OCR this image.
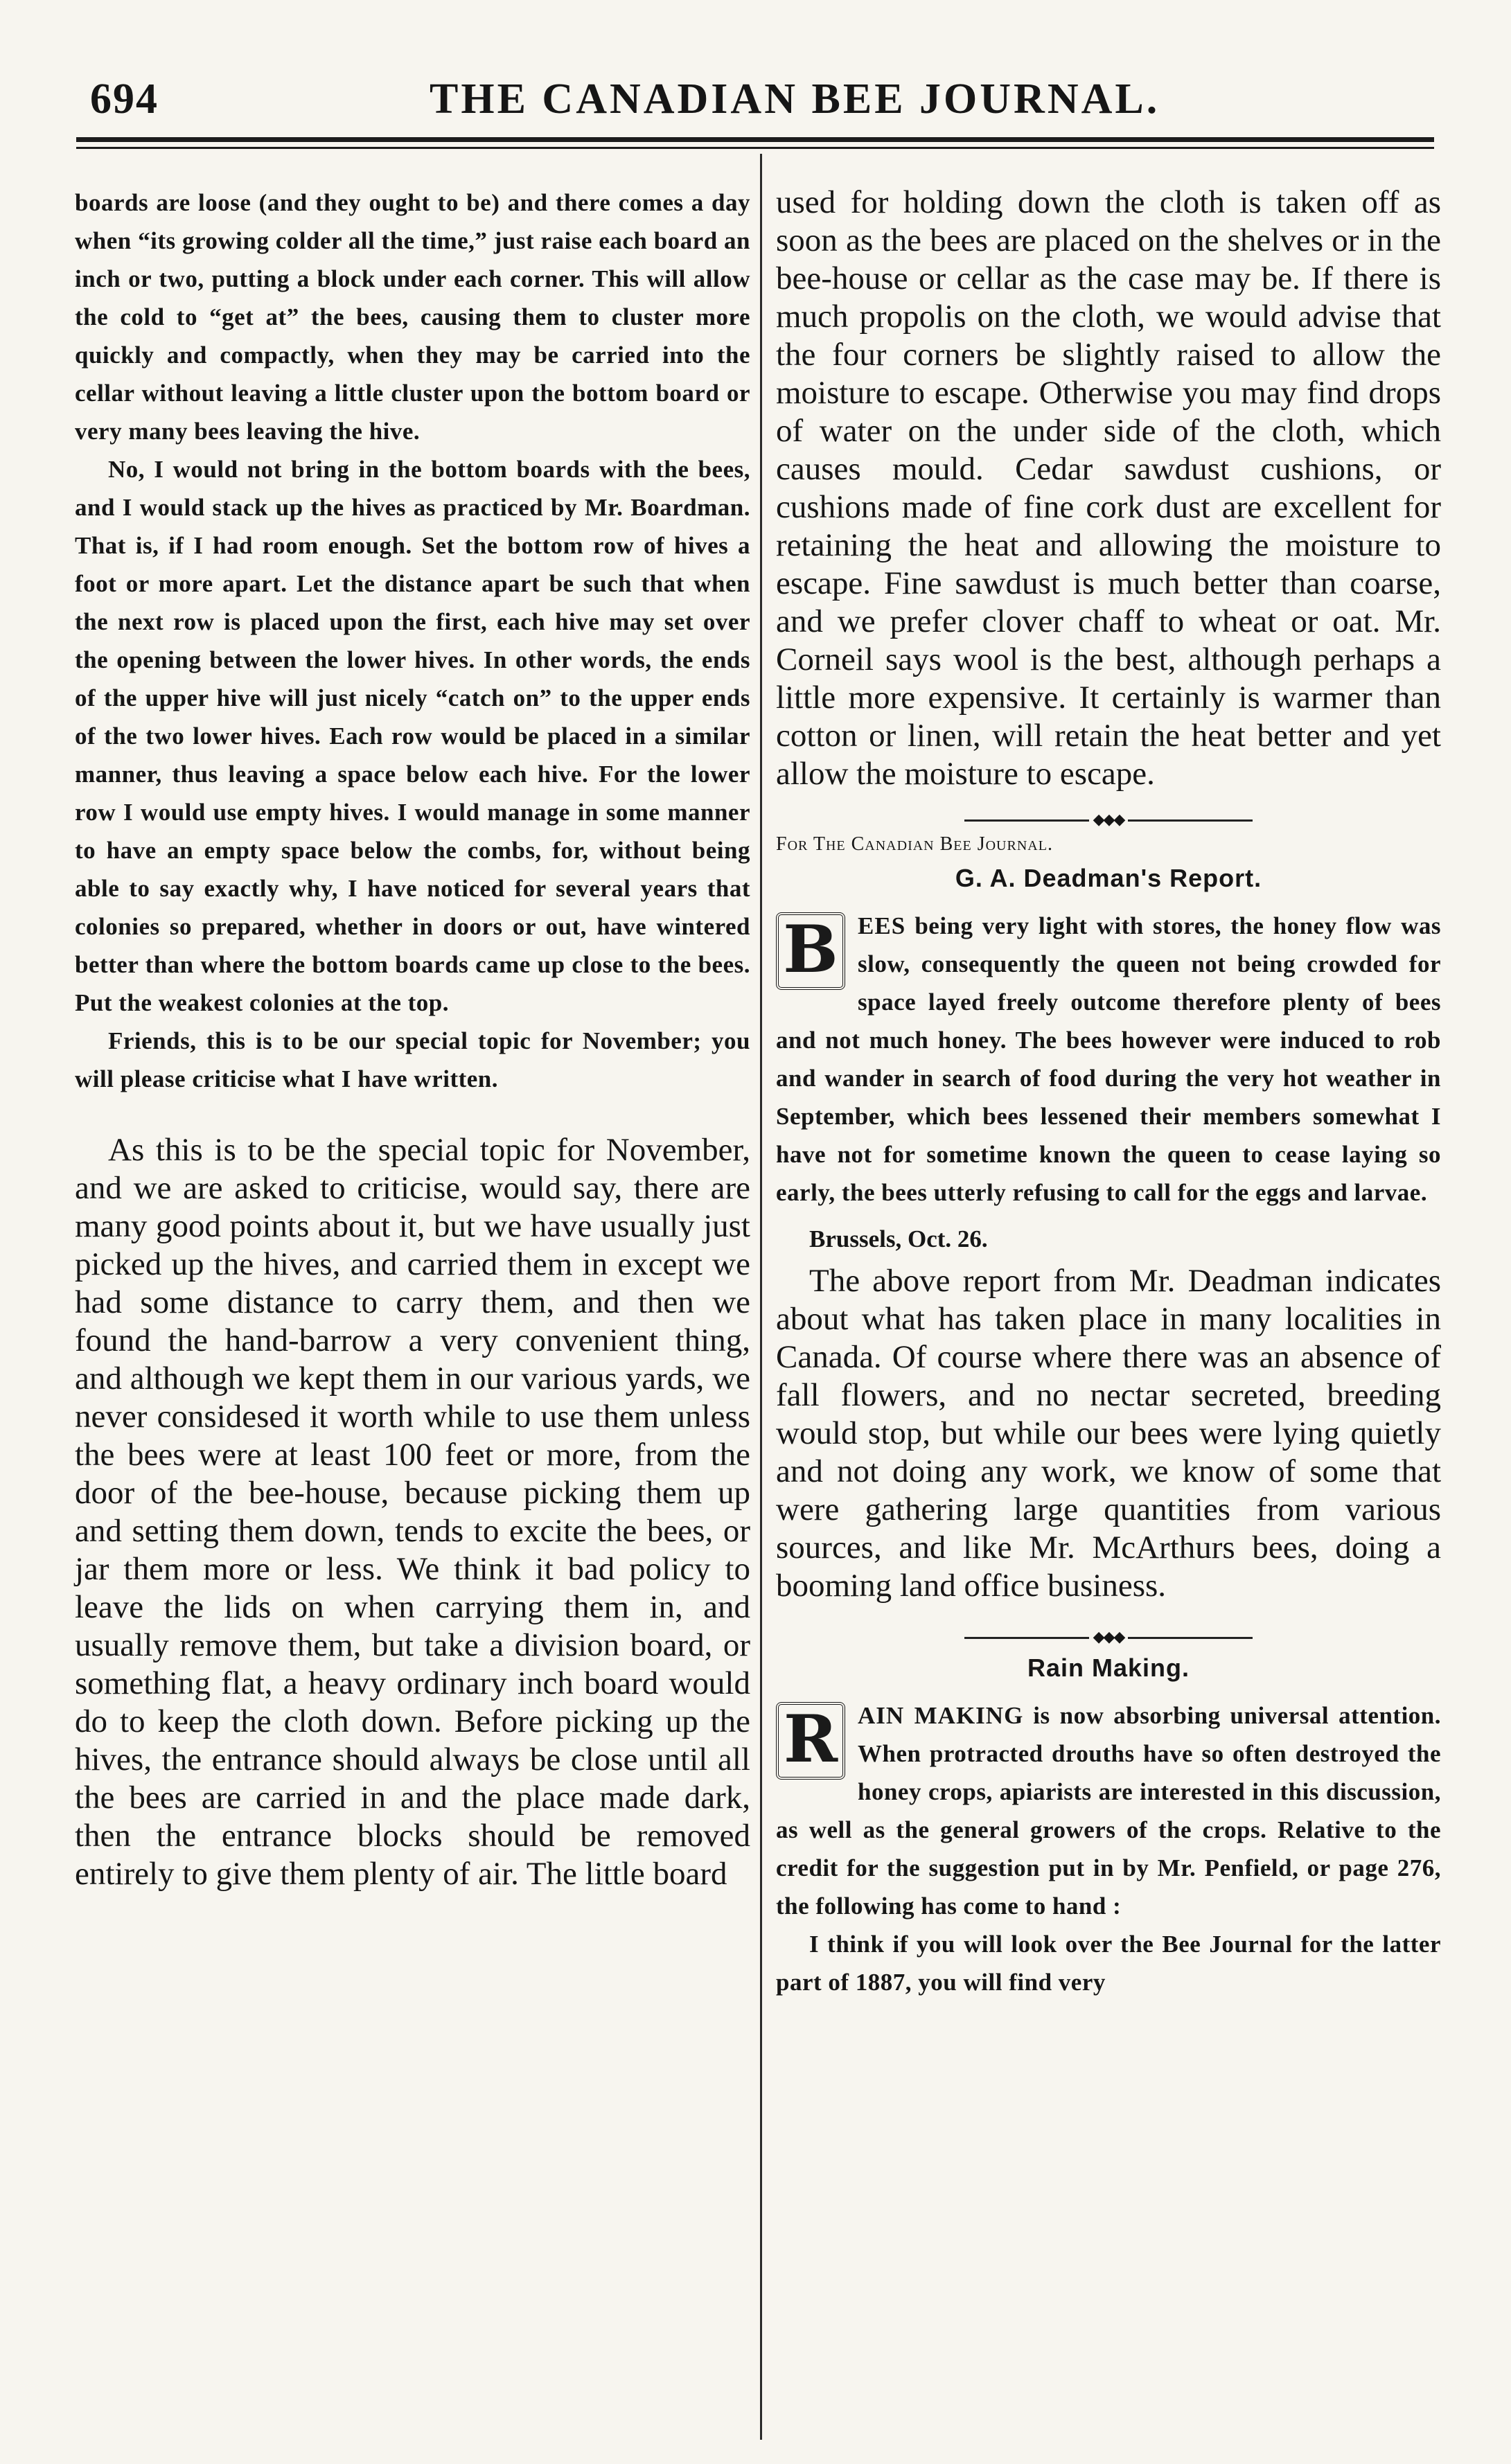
694	THE CANADIAN BEE JOURNAL.

boards are loose (and they ought to be) and there comes a day when “its growing colder all the time,” just raise each board an inch or two, putting a block under each corner. This will allow the cold to “get at” the bees, causing them to cluster more quickly and compactly, when they may be carried into the cellar without leaving a little cluster upon the bottom board or very many bees leaving the hive.

No, I would not bring in the bottom boards with the bees, and I would stack up the hives as practiced by Mr. Boardman. That is, if I had room enough. Set the bottom row of hives a foot or more apart. Let the distance apart be such that when the next row is placed upon the first, each hive may set over the opening between the lower hives. In other words, the ends of the upper hive will just nicely “catch on” to the upper ends of the two lower hives. Each row would be placed in a similar manner, thus leaving a space below each hive. For the lower row I would use empty hives. I would manage in some manner to have an empty space below the combs, for, without being able to say exactly why, I have noticed for several years that colonies so prepared, whether in doors or out, have wintered better than where the bottom boards came up close to the bees. Put the weakest colonies at the top.

Friends, this is to be our special topic for November; you will please criticise what I have written.

As this is to be the special topic for November, and we are asked to criticise, would say, there are many good points about it, but we have usually just picked up the hives, and carried them in except we had some distance to carry them, and then we found the hand-barrow a very convenient thing, and although we kept them in our various yards, we never considesed it worth while to use them unless the bees were at least 100 feet or more, from the door of the bee-house, because picking them up and setting them down, tends to excite the bees, or jar them more or less. We think it bad policy to leave the lids on when carrying them in, and usually remove them, but take a division board, or something flat, a heavy ordinary inch board would do to keep the cloth down. Before picking up the hives, the entrance should always be close until all the bees are carried in and the place made dark, then the entrance blocks should be removed entirely to give them plenty of air. The little board

used for holding down the cloth is taken off as soon as the bees are placed on the shelves or in the bee-house or cellar as the case may be. If there is much propolis on the cloth, we would advise that the four corners be slightly raised to allow the moisture to escape. Otherwise you may find drops of water on the under side of the cloth, which causes mould. Cedar sawdust cushions, or cushions made of fine cork dust are excellent for retaining the heat and allowing the moisture to escape. Fine sawdust is much better than coarse, and we prefer clover chaff to wheat or oat. Mr. Corneil says wool is the best, although perhaps a little more expensive. It certainly is warmer than cotton or linen, will retain the heat better and yet allow the moisture to escape.

◆◆◆
For The Canadian Bee Journal.
G. A. Deadman's Report.
B EES being very light with stores, the honey flow was slow, consequently the queen not being crowded for space layed freely outcome therefore plenty of bees and not much honey. The bees however were induced to rob and wander in search of food during the very hot weather in September, which bees lessened their members somewhat I have not for sometime known the queen to cease laying so early, the bees utterly refusing to call for the eggs and larvae.

Brussels, Oct. 26.

The above report from Mr. Deadman indicates about what has taken place in many localities in Canada. Of course where there was an absence of fall flowers, and no nectar secreted, breeding would stop, but while our bees were lying quietly and not doing any work, we know of some that were gathering large quantities from various sources, and like Mr. McArthurs bees, doing a booming land office business.

◆◆◆
Rain Making.
R AIN MAKING is now absorbing universal attention. When protracted drouths have so often destroyed the honey crops, apiarists are interested in this discussion, as well as the general growers of the crops. Relative to the credit for the suggestion put in by Mr. Penfield, or page 276, the following has come to hand :

I think if you will look over the Bee Journal for the latter part of 1887, you will find very
